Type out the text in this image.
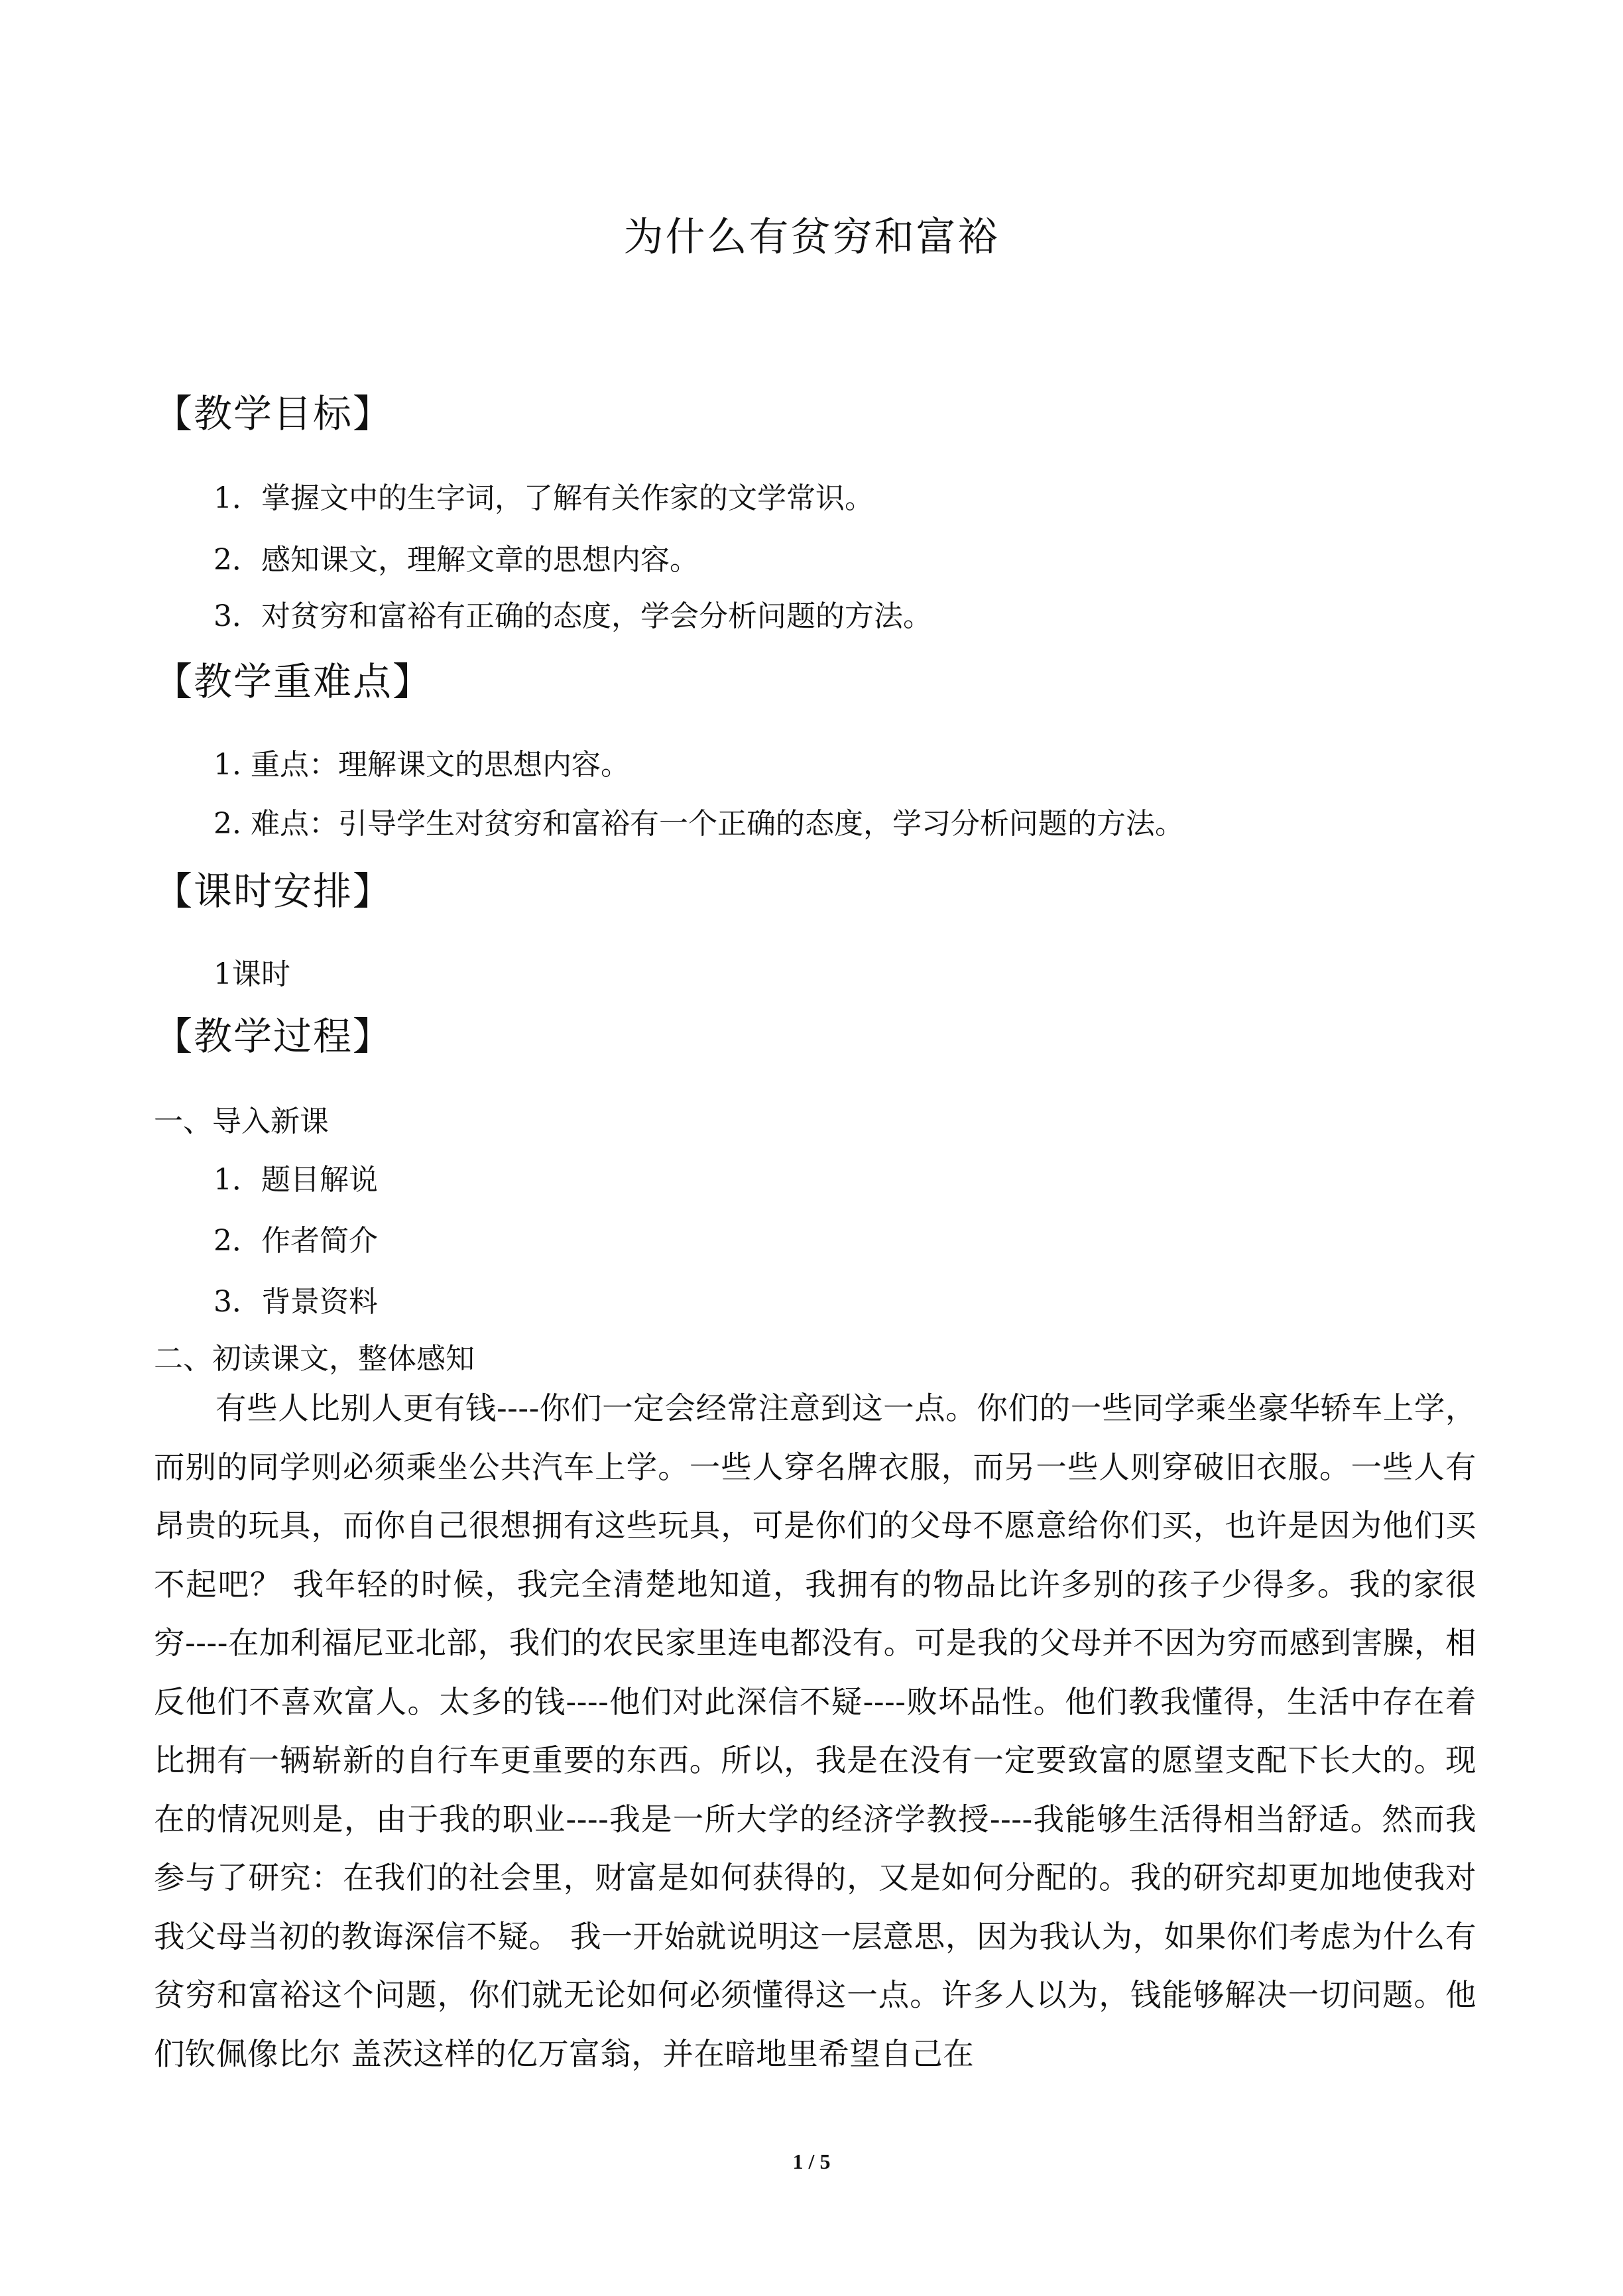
为什么有贫穷和富裕
【教学目标】
1．掌握文中的生字词，了解有关作家的文学常识。
2．感知课文，理解文章的思想内容。
3．对贫穷和富裕有正确的态度，学会分析问题的方法。
【教学重难点】
1. 重点：理解课文的思想内容。
2. 难点：引导学生对贫穷和富裕有一个正确的态度，学习分析问题的方法。
【课时安排】
1课时
【教学过程】
一、导入新课
1．题目解说
2．作者简介
3．背景资料
二、初读课文，整体感知
有些人比别人更有钱----你们一定会经常注意到这一点。你们的一些同学乘坐豪华轿车上学，而别的同学则必须乘坐公共汽车上学。一些人穿名牌衣服，而另一些人则穿破旧衣服。一些人有昂贵的玩具，而你自己很想拥有这些玩具，可是你们的父母不愿意给你们买，也许是因为他们买不起吧？ 我年轻的时候，我完全清楚地知道，我拥有的物品比许多别的孩子少得多。我的家很穷----在加利福尼亚北部，我们的农民家里连电都没有。可是我的父母并不因为穷而感到害臊，相反他们不喜欢富人。太多的钱----他们对此深信不疑----败坏品性。他们教我懂得，生活中存在着比拥有一辆崭新的自行车更重要的东西。所以，我是在没有一定要致富的愿望支配下长大的。现在的情况则是，由于我的职业----我是一所大学的经济学教授----我能够生活得相当舒适。然而我参与了研究：在我们的社会里，财富是如何获得的，又是如何分配的。我的研究却更加地使我对我父母当初的教诲深信不疑。 我一开始就说明这一层意思，因为我认为，如果你们考虑为什么有贫穷和富裕这个问题，你们就无论如何必须懂得这一点。许多人以为，钱能够解决一切问题。他们钦佩像比尔 盖茨这样的亿万富翁，并在暗地里希望自己在
1 / 5
